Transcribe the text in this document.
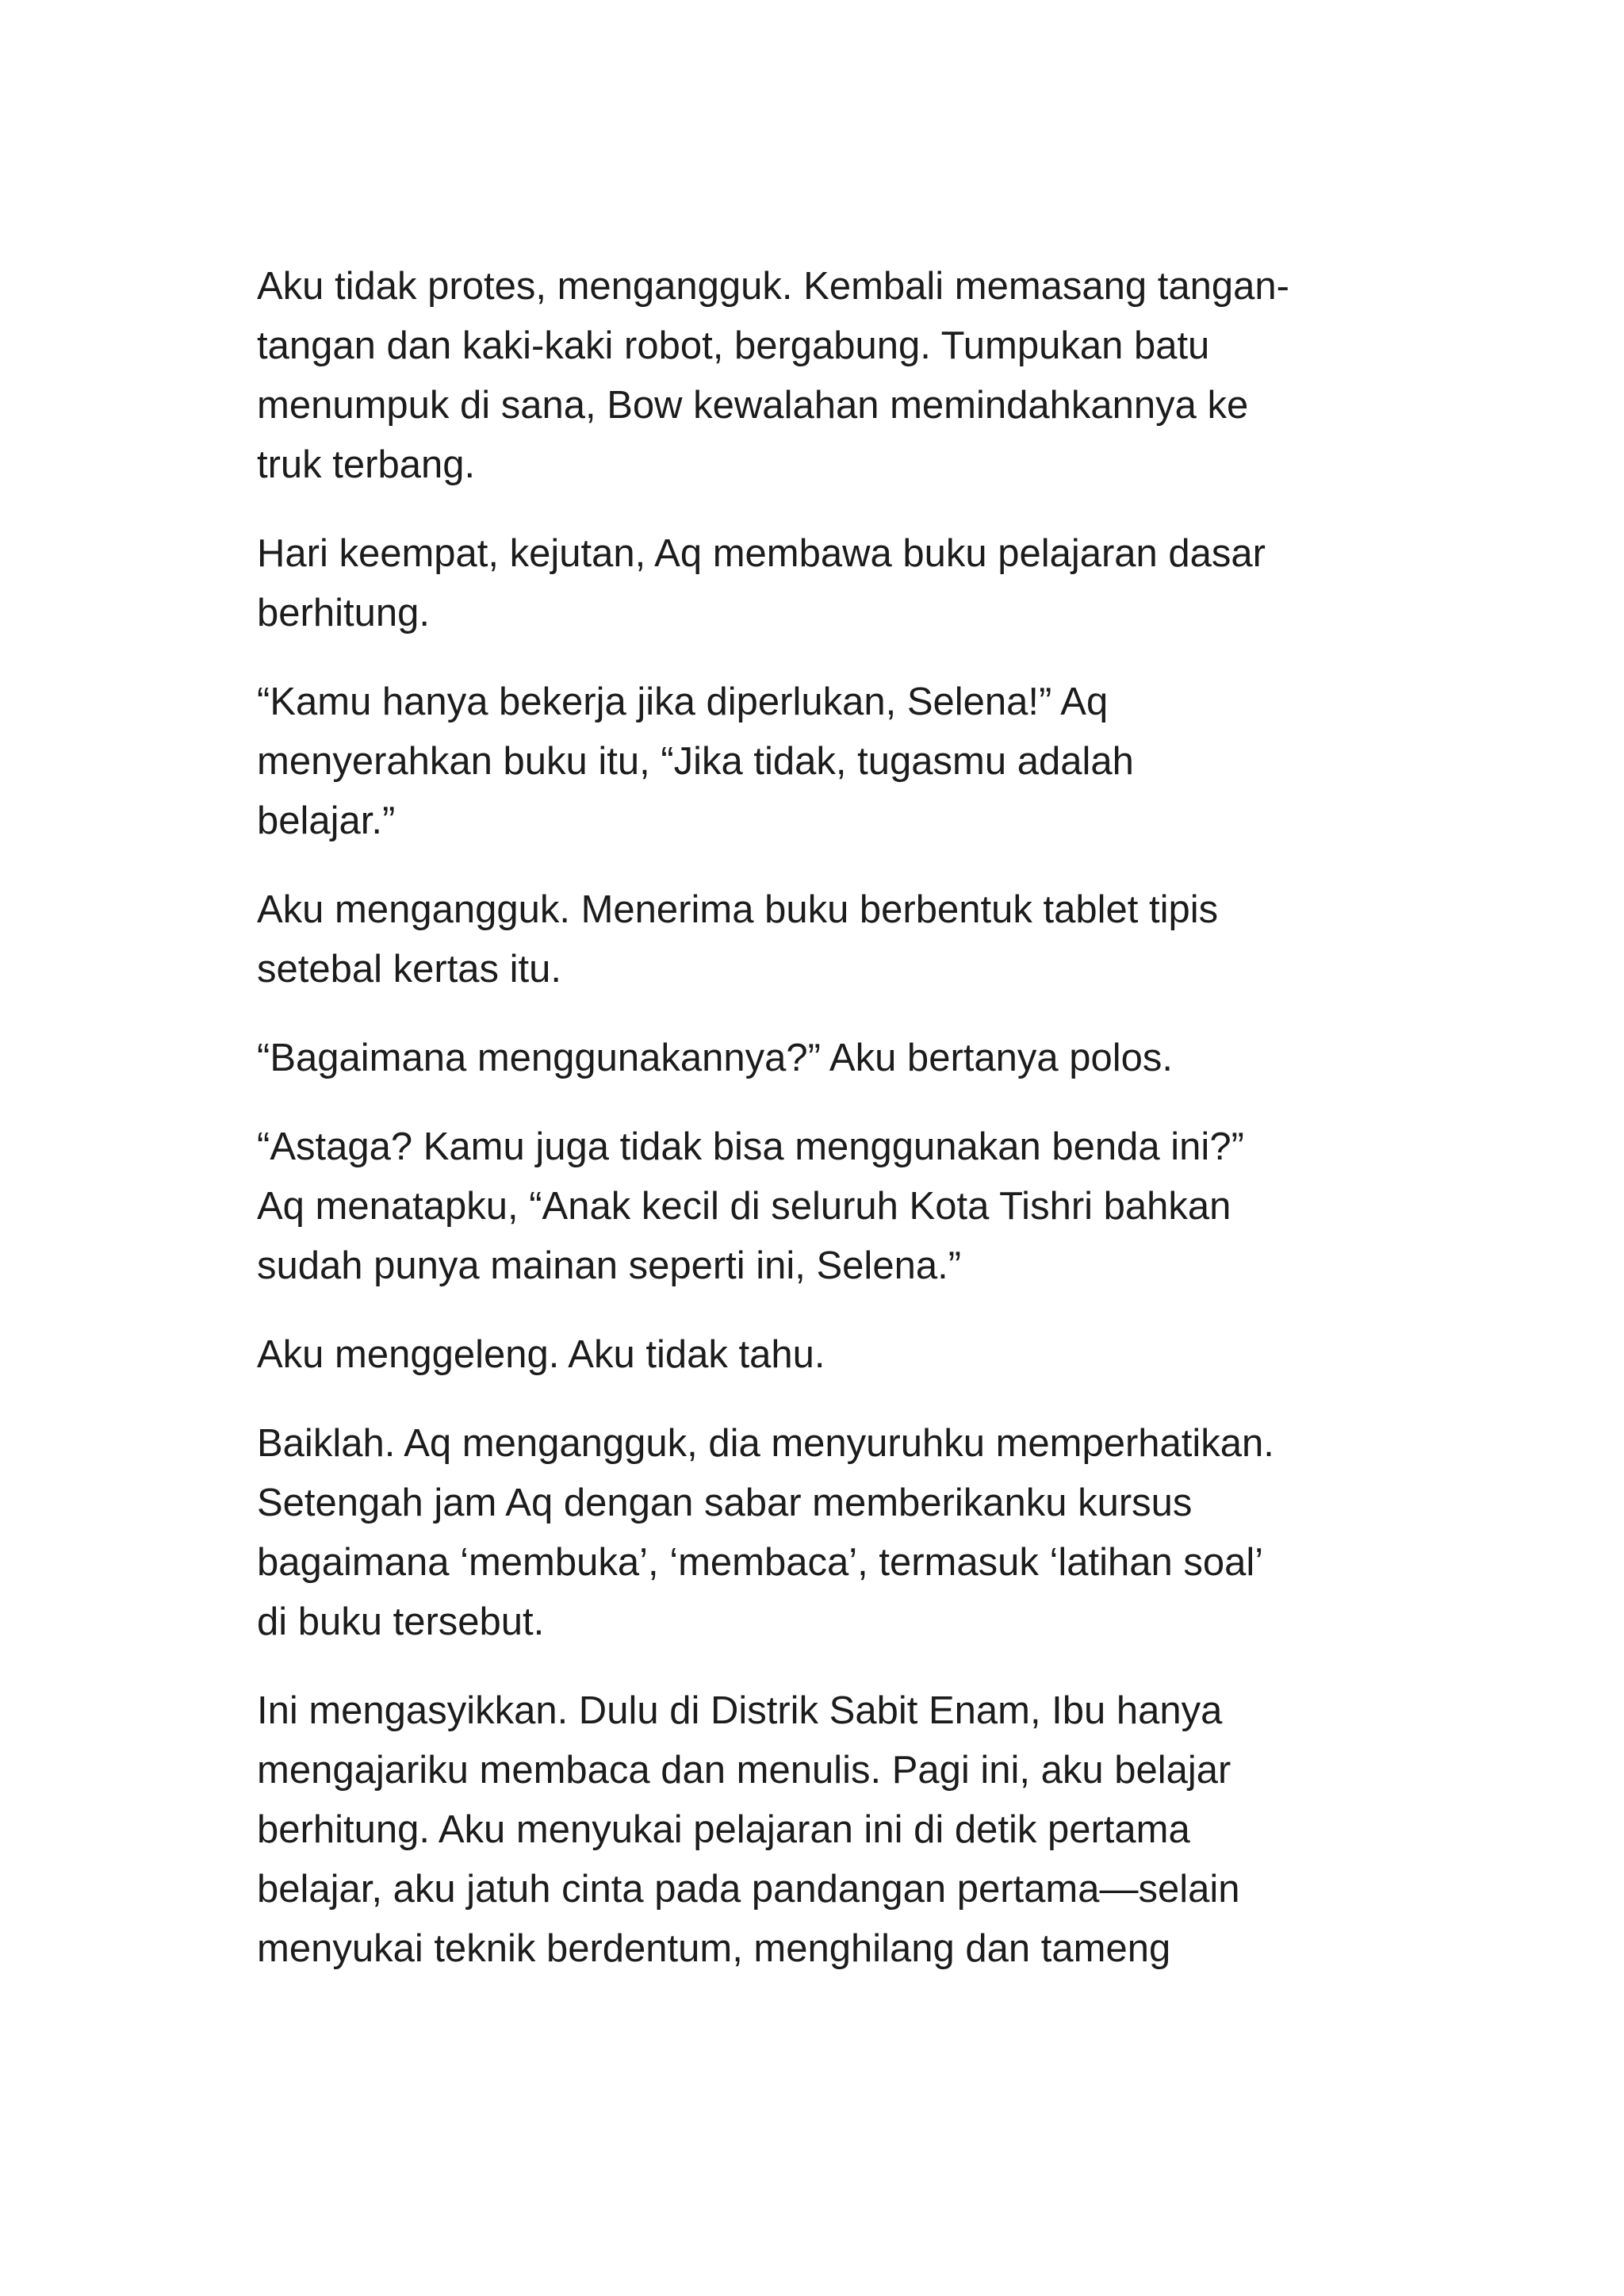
Aku tidak protes, mengangguk. Kembali memasang tangan-
tangan dan kaki-kaki robot, bergabung. Tumpukan batu
menumpuk di sana, Bow kewalahan memindahkannya ke
truk terbang.

Hari keempat, kejutan, Aq membawa buku pelajaran dasar
berhitung.

“Kamu hanya bekerja jika diperlukan, Selena!” Aq
menyerahkan buku itu, “Jika tidak, tugasmu adalah
belajar.”

Aku mengangguk. Menerima buku berbentuk tablet tipis
setebal kertas itu.

“Bagaimana menggunakannya?” Aku bertanya polos.

“Astaga? Kamu juga tidak bisa menggunakan benda ini?”
Aq menatapku, “Anak kecil di seluruh Kota Tishri bahkan
sudah punya mainan seperti ini, Selena.”

Aku menggeleng. Aku tidak tahu.

Baiklah. Aq mengangguk, dia menyuruhku memperhatikan.
Setengah jam Aq dengan sabar memberikanku kursus
bagaimana ‘membuka’, ‘membaca’, termasuk ‘latihan soal’
di buku tersebut.

Ini mengasyikkan. Dulu di Distrik Sabit Enam, Ibu hanya
mengajariku membaca dan menulis. Pagi ini, aku belajar
berhitung. Aku menyukai pelajaran ini di detik pertama
belajar, aku jatuh cinta pada pandangan pertama—selain
menyukai teknik berdentum, menghilang dan tameng
